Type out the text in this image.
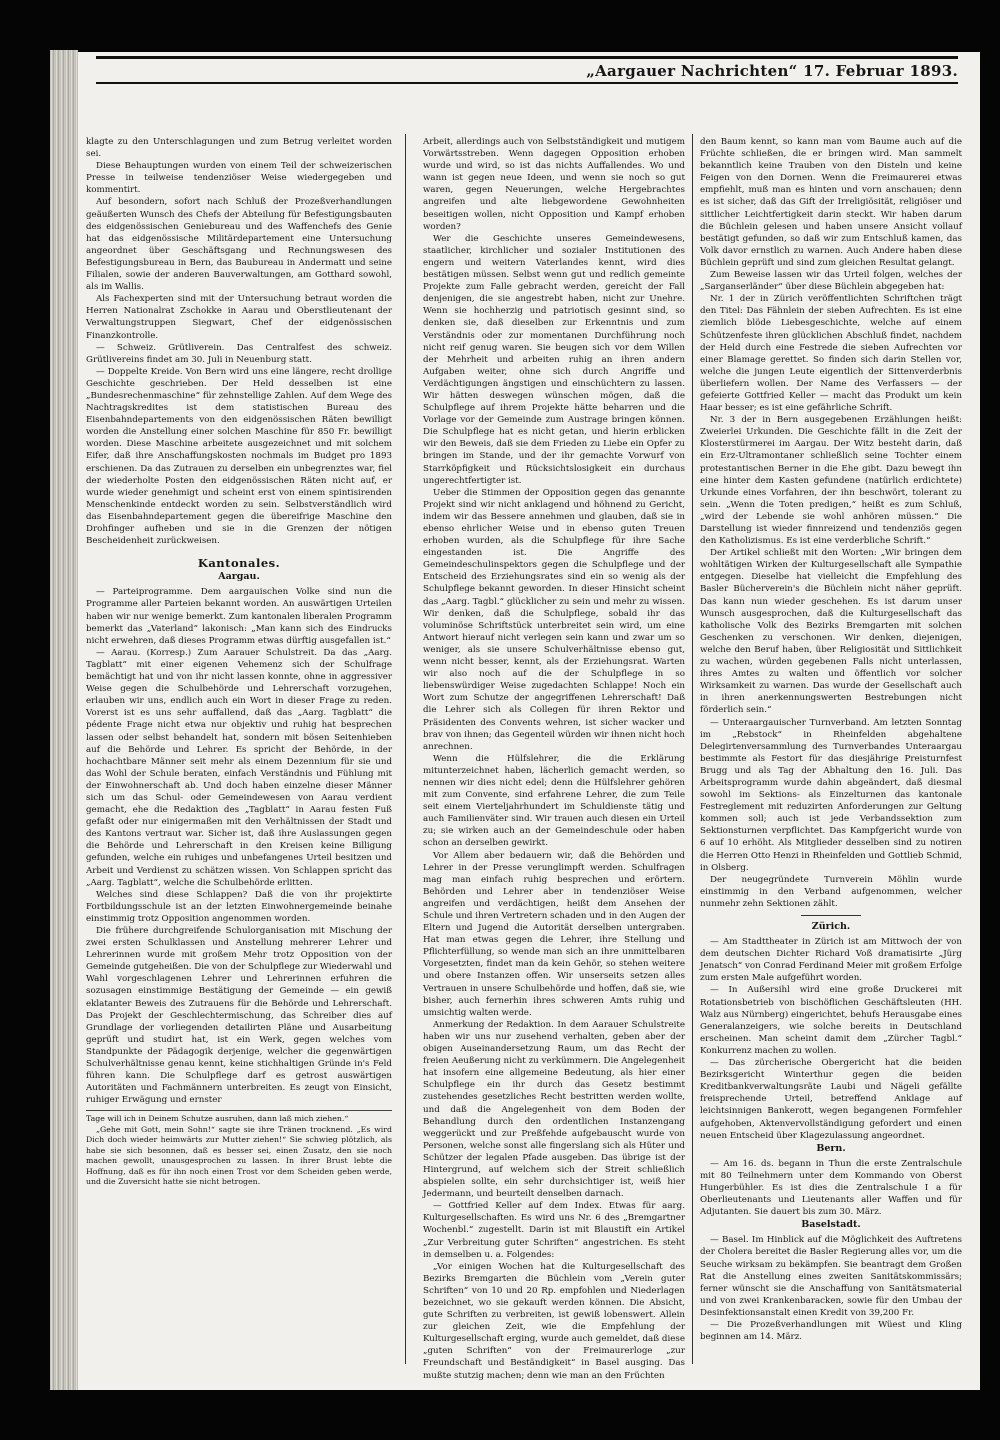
„Aargauer Nachrichten“ 17. Februar 1893.

klagte zu den Unterschlagungen und zum Betrug verleitet worden sei.

Diese Behauptungen wurden von einem Teil der schweizerischen Presse in teilweise tendenziöser Weise wiedergegeben und kommentirt.

Auf besondern, sofort nach Schluß der Prozeßverhandlungen geäußerten Wunsch des Chefs der Abteilung für Befestigungsbauten des eidgenössischen Geniebureau und des Waffenchefs des Genie hat das eidgenössische Militärdepartement eine Untersuchung angeordnet über Geschäftsgang und Rechnungswesen des Befestigungsbureau in Bern, das Baubureau in Andermatt und seine Filialen, sowie der anderen Bauverwaltungen, am Gotthard sowohl, als im Wallis.

Als Fachexperten sind mit der Untersuchung betraut worden die Herren Nationalrat Zschokke in Aarau und Oberstlieutenant der Verwaltungstruppen Siegwart, Chef der eidgenössischen Finanzkontrolle.

— Schweiz. Grütliverein. Das Centralfest des schweiz. Grütlivereins findet am 30. Juli in Neuenburg statt.

— Doppelte Kreide. Von Bern wird uns eine längere, recht drollige Geschichte geschrieben. Der Held desselben ist eine „Bundesrechenmaschine“ für zehnstellige Zahlen. Auf dem Wege des Nachtragskredites ist dem statistischen Bureau des Eisenbahndepartements von den eidgenössischen Räten bewilligt worden die Anstellung einer solchen Maschine für 850 Fr. bewilligt worden. Diese Maschine arbeitete ausgezeichnet und mit solchem Eifer, daß ihre Anschaffungskosten nochmals im Budget pro 1893 erschienen. Da das Zutrauen zu derselben ein unbegrenztes war, fiel der wiederholte Posten den eidgenössischen Räten nicht auf, er wurde wieder genehmigt und scheint erst von einem spintisirenden Menschenkinde entdeckt worden zu sein. Selbstverständlich wird das Eisenbahndepartement gegen die übereifrige Maschine den Drohfinger aufheben und sie in die Grenzen der nötigen Bescheidenheit zurückweisen.

Kantonales.
Aargau.

— Parteiprogramme. Dem aargauischen Volke sind nun die Programme aller Parteien bekannt worden. An auswärtigen Urteilen haben wir nur wenige bemerkt. Zum kantonalen liberalen Programm bemerkt das „Vaterland“ lakonisch: „Man kann sich des Eindrucks nicht erwehren, daß dieses Programm etwas dürftig ausgefallen ist.“

— Aarau. (Korresp.) Zum Aarauer Schulstreit. Da das „Aarg. Tagblatt“ mit einer eigenen Vehemenz sich der Schulfrage bemächtigt hat und von ihr nicht lassen konnte, ohne in aggressiver Weise gegen die Schulbehörde und Lehrerschaft vorzugehen, erlauben wir uns, endlich auch ein Wort in dieser Frage zu reden. Vorerst ist es uns sehr auffallend, daß das „Aarg. Tagblatt“ die pédente Frage nicht etwa nur objektiv und ruhig hat besprechen lassen oder selbst behandelt hat, sondern mit bösen Seitenhieben auf die Behörde und Lehrer. Es spricht der Behörde, in der hochachtbare Männer seit mehr als einem Dezennium für sie und das Wohl der Schule beraten, einfach Verständnis und Fühlung mit der Einwohnerschaft ab. Und doch haben einzelne dieser Männer sich um das Schul- oder Gemeindewesen von Aarau verdient gemacht, ehe die Redaktion des „Tagblatt“ in Aarau festen Fuß gefaßt oder nur einigermaßen mit den Verhältnissen der Stadt und des Kantons vertraut war. Sicher ist, daß ihre Auslassungen gegen die Behörde und Lehrerschaft in den Kreisen keine Billigung gefunden, welche ein ruhiges und unbefangenes Urteil besitzen und Arbeit und Verdienst zu schätzen wissen. Von Schlappen spricht das „Aarg. Tagblatt“, welche die Schulbehörde erlitten.

Welches sind diese Schlappen? Daß die von ihr projektirte Fortbildungsschule ist an der letzten Einwohnergemeinde beinahe einstimmig trotz Opposition angenommen worden.

Die frühere durchgreifende Schulorganisation mit Mischung der zwei ersten Schulklassen und Anstellung mehrerer Lehrer und Lehrerinnen wurde mit großem Mehr trotz Opposition von der Gemeinde gutgeheißen. Die von der Schulpflege zur Wiederwahl und Wahl vorgeschlagenen Lehrer und Lehrerinnen erfuhren die sozusagen einstimmige Bestätigung der Gemeinde — ein gewiß eklatanter Beweis des Zutrauens für die Behörde und Lehrerschaft. Das Projekt der Geschlechtermischung, das Schreiber dies auf Grundlage der vorliegenden detailirten Pläne und Ausarbeitung geprüft und studirt hat, ist ein Werk, gegen welches vom Standpunkte der Pädagogik derjenige, welcher die gegenwärtigen Schulverhältnisse genau kennt, keine stichhaltigen Gründe in's Feld führen kann. Die Schulpflege darf es getrost auswärtigen Autoritäten und Fachmännern unterbreiten. Es zeugt von Einsicht, ruhiger Erwägung und ernster

Tage will ich in Deinem Schutze ausruhen, dann laß mich ziehen.“

„Gehe mit Gott, mein Sohn!“ sagte sie ihre Tränen trocknend. „Es wird Dich doch wieder heimwärts zur Mutter ziehen!“ Sie schwieg plötzlich, als habe sie sich besonnen, daß es besser sei, einen Zusatz, den sie noch machen gewollt, unausgesprochen zu lassen. In ihrer Brust lebte die Hoffnung, daß es für ihn noch einen Trost vor dem Scheiden geben werde, und die Zuversicht hatte sie nicht betrogen.

Arbeit, allerdings auch von Selbstständigkeit und mutigem Vorwärtsstreben. Wenn dagegen Opposition erhoben wurde und wird, so ist das nichts Auffallendes. Wo und wann ist gegen neue Ideen, und wenn sie noch so gut waren, gegen Neuerungen, welche Hergebrachtes angreifen und alte liebgewordene Gewohnheiten beseitigen wollen, nicht Opposition und Kampf erhoben worden?

Wer die Geschichte unseres Gemeindewesens, staatlicher, kirchlicher und sozialer Institutionen des engern und weitern Vaterlandes kennt, wird dies bestätigen müssen. Selbst wenn gut und redlich gemeinte Projekte zum Falle gebracht werden, gereicht der Fall denjenigen, die sie angestrebt haben, nicht zur Unehre. Wenn sie hochherzig und patriotisch gesinnt sind, so denken sie, daß dieselben zur Erkenntnis und zum Verständnis oder zur momentanen Durchführung noch nicht reif genug waren. Sie beugen sich vor dem Willen der Mehrheit und arbeiten ruhig an ihren andern Aufgaben weiter, ohne sich durch Angriffe und Verdächtigungen ängstigen und einschüchtern zu lassen. Wir hätten deswegen wünschen mögen, daß die Schulpflege auf ihrem Projekte hätte beharren und die Vorlage vor der Gemeinde zum Austrage bringen können. Die Schulpflege hat es nicht getan, und hierin erblicken wir den Beweis, daß sie dem Frieden zu Liebe ein Opfer zu bringen im Stande, und der ihr gemachte Vorwurf von Starrköpfigkeit und Rücksichtslosigkeit ein durchaus ungerechtfertigter ist.

Ueber die Stimmen der Opposition gegen das genannte Projekt sind wir nicht anklagend und höhnend zu Gericht, indem wir das Bessere annehmen und glauben, daß sie in ebenso ehrlicher Weise und in ebenso guten Treuen erhoben wurden, als die Schulpflege für ihre Sache eingestanden ist. Die Angriffe des Gemeindeschulinspektors gegen die Schulpflege und der Entscheid des Erziehungsrates sind ein so wenig als der Schulpflege bekannt geworden. In dieser Hinsicht scheint das „Aarg. Tagbl.“ glücklicher zu sein und mehr zu wissen. Wir denken, daß die Schulpflege, sobald ihr das voluminöse Schriftstück unterbreitet sein wird, um eine Antwort hierauf nicht verlegen sein kann und zwar um so weniger, als sie unsere Schulverhältnisse ebenso gut, wenn nicht besser, kennt, als der Erziehungsrat. Warten wir also noch auf die der Schulpflege in so liebenswürdiger Weise zugedachten Schlappe! Noch ein Wort zum Schutze der angegriffenen Lehrerschaft! Daß die Lehrer sich als Collegen für ihren Rektor und Präsidenten des Convents wehren, ist sicher wacker und brav von ihnen; das Gegenteil würden wir ihnen nicht hoch anrechnen.

Wenn die Hülfslehrer, die die Erklärung mitunterzeichnet haben, lächerlich gemacht werden, so nennen wir dies nicht edel; denn die Hülfslehrer gehören mit zum Convente, sind erfahrene Lehrer, die zum Teile seit einem Vierteljahrhundert im Schuldienste tätig und auch Familienväter sind. Wir trauen auch diesen ein Urteil zu; sie wirken auch an der Gemeindeschule oder haben schon an derselben gewirkt.

Vor Allem aber bedauern wir, daß die Behörden und Lehrer in der Presse verunglimpft werden. Schulfragen mag man einfach ruhig besprechen und erörtern. Behörden und Lehrer aber in tendenziöser Weise angreifen und verdächtigen, heißt dem Ansehen der Schule und ihren Vertretern schaden und in den Augen der Eltern und Jugend die Autorität derselben untergraben. Hat man etwas gegen die Lehrer, ihre Stellung und Pflichterfüllung, so wende man sich an ihre unmittelbaren Vorgesetzten, findet man da kein Gehör, so stehen weitere und obere Instanzen offen. Wir unserseits setzen alles Vertrauen in unsere Schulbehörde und hoffen, daß sie, wie bisher, auch fernerhin ihres schweren Amts ruhig und umsichtig walten werde.

Anmerkung der Redaktion. In dem Aarauer Schulstreite haben wir uns nur zusehend verhalten, geben aber der obigen Auseinandersetzung Raum, um das Recht der freien Aeußerung nicht zu verkümmern. Die Angelegenheit hat insofern eine allgemeine Bedeutung, als hier einer Schulpflege ein ihr durch das Gesetz bestimmt zustehendes gesetzliches Recht bestritten werden wollte, und daß die Angelegenheit von dem Boden der Behandlung durch den ordentlichen Instanzengang weggerückt und zur Preßfehde aufgebauscht wurde von Personen, welche sonst alle fingerslang sich als Hüter und Schützer der legalen Pfade ausgeben. Das übrige ist der Hintergrund, auf welchem sich der Streit schließlich abspielen sollte, ein sehr durchsichtiger ist, weiß hier Jedermann, und beurteilt denselben darnach.

— Gottfried Keller auf dem Index. Etwas für aarg. Kulturgesellschaften. Es wird uns Nr. 6 des „Bremgartner Wochenbl.“ zugestellt. Darin ist mit Blaustift ein Artikel „Zur Verbreitung guter Schriften“ angestrichen. Es steht in demselben u. a. Folgendes:

„Vor einigen Wochen hat die Kulturgesellschaft des Bezirks Bremgarten die Büchlein vom „Verein guter Schriften“ von 10 und 20 Rp. empfohlen und Niederlagen bezeichnet, wo sie gekauft werden können. Die Absicht, gute Schriften zu verbreiten, ist gewiß lobenswert. Allein zur gleichen Zeit, wie die Empfehlung der Kulturgesellschaft erging, wurde auch gemeldet, daß diese „guten Schriften“ von der Freimaurerloge „zur Freundschaft und Beständigkeit“ in Basel ausging. Das mußte stutzig machen; denn wie man an den Früchten

den Baum kennt, so kann man vom Baume auch auf die Früchte schließen, die er bringen wird. Man sammelt bekanntlich keine Trauben von den Disteln und keine Feigen von den Dornen. Wenn die Freimaurerei etwas empfiehlt, muß man es hinten und vorn anschauen; denn es ist sicher, daß das Gift der Irreligiösität, religiöser und sittlicher Leichtfertigkeit darin steckt. Wir haben darum die Büchlein gelesen und haben unsere Ansicht vollauf bestätigt gefunden, so daß wir zum Entschluß kamen, das Volk davor ernstlich zu warnen. Auch Andere haben diese Büchlein geprüft und sind zum gleichen Resultat gelangt.

Zum Beweise lassen wir das Urteil folgen, welches der „Sarganserländer“ über diese Büchlein abgegeben hat:

Nr. 1 der in Zürich veröffentlichten Schriftchen trägt den Titel: Das Fähnlein der sieben Aufrechten. Es ist eine ziemlich blöde Liebesgeschichte, welche auf einem Schützenfeste ihren glücklichen Abschluß findet, nachdem der Held durch eine Festrede die sieben Aufrechten vor einer Blamage gerettet. So finden sich darin Stellen vor, welche die jungen Leute eigentlich der Sittenverderbnis überliefern wollen. Der Name des Verfassers — der gefeierte Gottfried Keller — macht das Produkt um kein Haar besser; es ist eine gefährliche Schrift.

Nr. 3 der in Bern ausgegebenen Erzählungen heißt: Zweierlei Urkunden. Die Geschichte fällt in die Zeit der Klosterstürmerei im Aargau. Der Witz besteht darin, daß ein Erz-Ultramontaner schließlich seine Tochter einem protestantischen Berner in die Ehe gibt. Dazu bewegt ihn eine hinter dem Kasten gefundene (natürlich erdichtete) Urkunde eines Vorfahren, der ihn beschwört, tolerant zu sein. „Wenn die Toten predigen,“ heißt es zum Schluß, „wird der Lebende sie wohl anhören müssen.“ Die Darstellung ist wieder finnreizend und tendenziös gegen den Katholizismus. Es ist eine verderbliche Schrift.“

Der Artikel schließt mit den Worten: „Wir bringen dem wohltätigen Wirken der Kulturgesellschaft alle Sympathie entgegen. Dieselbe hat vielleicht die Empfehlung des Basler Bücherverein's die Büchlein nicht näher geprüft. Das kann nun wieder geschehen. Es ist darum unser Wunsch ausgesprochen, daß die Kulturgesellschaft das katholische Volk des Bezirks Bremgarten mit solchen Geschenken zu verschonen. Wir denken, diejenigen, welche den Beruf haben, über Religiosität und Sittlichkeit zu wachen, würden gegebenen Falls nicht unterlassen, ihres Amtes zu walten und öffentlich vor solcher Wirksamkeit zu warnen. Das wurde der Gesellschaft auch in ihren anerkennungswerten Bestrebungen nicht förderlich sein.“

— Unteraargauischer Turnverband. Am letzten Sonntag im „Rebstock“ in Rheinfelden abgehaltene Delegirtenversammlung des Turnverbandes Unteraargau bestimmte als Festort für das diesjährige Preisturnfest Brugg und als Tag der Abhaltung den 16. Juli. Das Arbeitsprogramm wurde dahin abgeändert, daß diesmal sowohl im Sektions- als Einzelturnen das kantonale Festreglement mit reduzirten Anforderungen zur Geltung kommen soll; auch ist jede Verbandssektion zum Sektionsturnen verpflichtet. Das Kampfgericht wurde von 6 auf 10 erhöht. Als Mitglieder desselben sind zu notiren die Herren Otto Henzi in Rheinfelden und Gottlieb Schmid, in Olsberg.

Der neugegründete Turnverein Möhlin wurde einstimmig in den Verband aufgenommen, welcher nunmehr zehn Sektionen zählt.

Zürich.

— Am Stadttheater in Zürich ist am Mittwoch der von dem deutschen Dichter Richard Voß dramatisirte „Jürg Jenatsch“ von Conrad Ferdinand Meier mit großem Erfolge zum ersten Male aufgeführt worden.

— In Außersihl wird eine große Druckerei mit Rotationsbetrieb von bischöflichen Geschäftsleuten (HH. Walz aus Nürnberg) eingerichtet, behufs Herausgabe eines Generalanzeigers, wie solche bereits in Deutschland erscheinen. Man scheint damit dem „Zürcher Tagbl.“ Konkurrenz machen zu wollen.

— Das zürcherische Obergericht hat die beiden Bezirksgericht Winterthur gegen die beiden Kreditbankverwaltungsräte Laubi und Nägeli gefällte freisprechende Urteil, betreffend Anklage auf leichtsinnigen Bankerott, wegen begangenen Formfehler aufgehoben, Aktenvervollständigung gefordert und einen neuen Entscheid über Klagezulassung angeordnet.

Bern.

— Am 16. ds. begann in Thun die erste Zentralschule mit 80 Teilnehmern unter dem Kommando von Oberst Hungerbühler. Es ist dies die Zentralschule I a für Oberlieutenants und Lieutenants aller Waffen und für Adjutanten. Sie dauert bis zum 30. März.

Baselstadt.

— Basel. Im Hinblick auf die Möglichkeit des Auftretens der Cholera bereitet die Basler Regierung alles vor, um die Seuche wirksam zu bekämpfen. Sie beantragt dem Großen Rat die Anstellung eines zweiten Sanitätskommissärs; ferner wünscht sie die Anschaffung von Sanitätsmaterial und von zwei Krankenbaracken, sowie für den Umbau der Desinfektionsanstalt einen Kredit von 39,200 Fr.

— Die Prozeßverhandlungen mit Wüest und Kling beginnen am 14. März.
